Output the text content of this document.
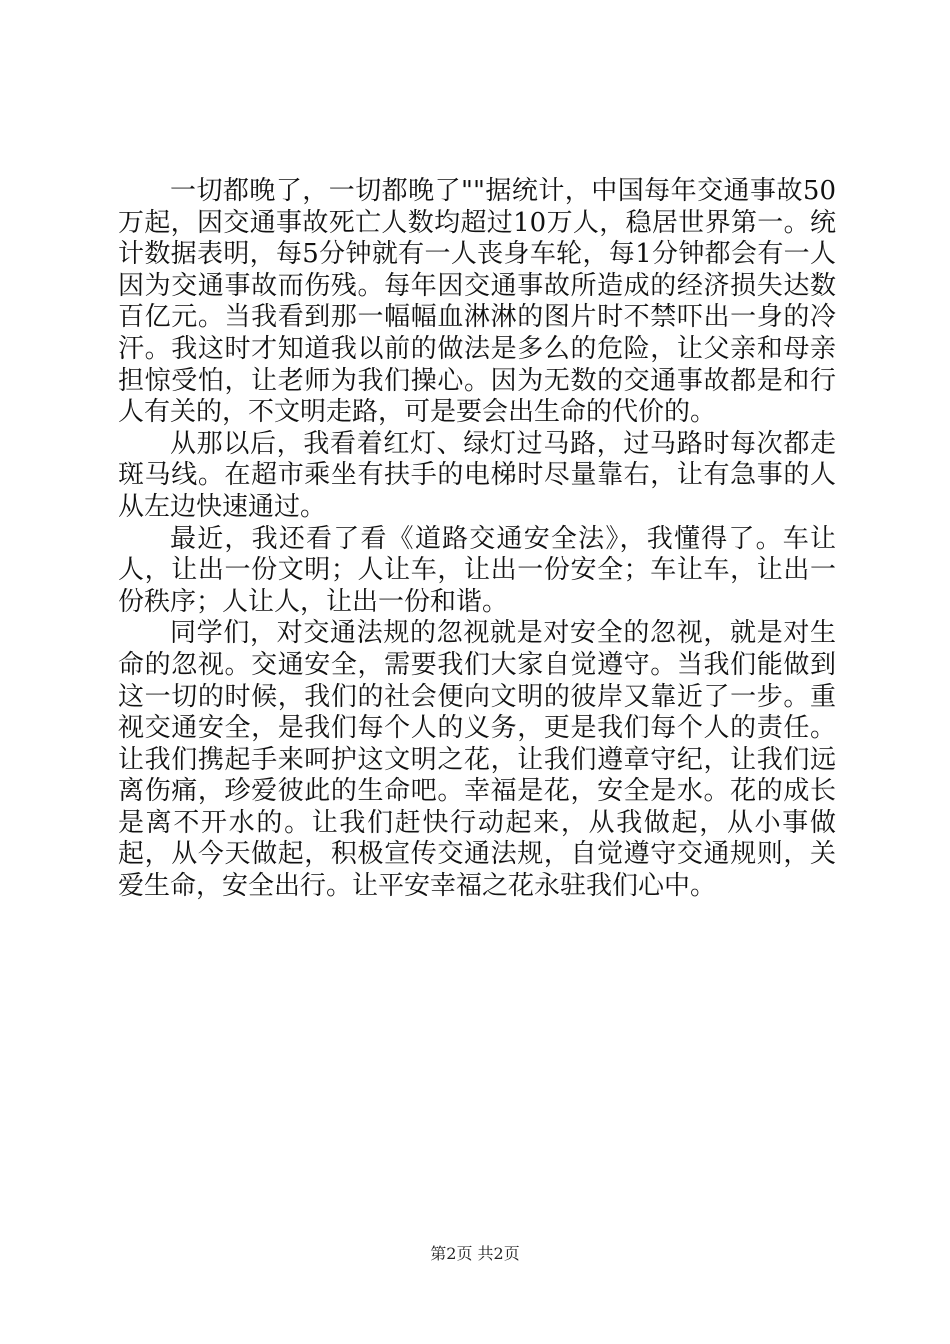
一切都晚了，一切都晚了""据统计，中国每年交通事故50万起，因交通事故死亡人数均超过10万人，稳居世界第一。统计数据表明，每5分钟就有一人丧身车轮，每1分钟都会有一人因为交通事故而伤残。每年因交通事故所造成的经济损失达数百亿元。当我看到那一幅幅血淋淋的图片时不禁吓出一身的冷汗。我这时才知道我以前的做法是多么的危险，让父亲和母亲担惊受怕，让老师为我们操心。因为无数的交通事故都是和行人有关的，不文明走路，可是要会出生命的代价的。

从那以后，我看着红灯、绿灯过马路，过马路时每次都走斑马线。在超市乘坐有扶手的电梯时尽量靠右，让有急事的人从左边快速通过。

最近，我还看了看《道路交通安全法》，我懂得了。车让人，让出一份文明；人让车，让出一份安全；车让车，让出一份秩序；人让人，让出一份和谐。

同学们，对交通法规的忽视就是对安全的忽视，就是对生命的忽视。交通安全，需要我们大家自觉遵守。当我们能做到这一切的时候，我们的社会便向文明的彼岸又靠近了一步。重视交通安全，是我们每个人的义务，更是我们每个人的责任。让我们携起手来呵护这文明之花，让我们遵章守纪，让我们远离伤痛，珍爱彼此的生命吧。幸福是花，安全是水。花的成长是离不开水的。让我们赶快行动起来，从我做起，从小事做起，从今天做起，积极宣传交通法规，自觉遵守交通规则，关爱生命，安全出行。让平安幸福之花永驻我们心中。

第2页 共2页
